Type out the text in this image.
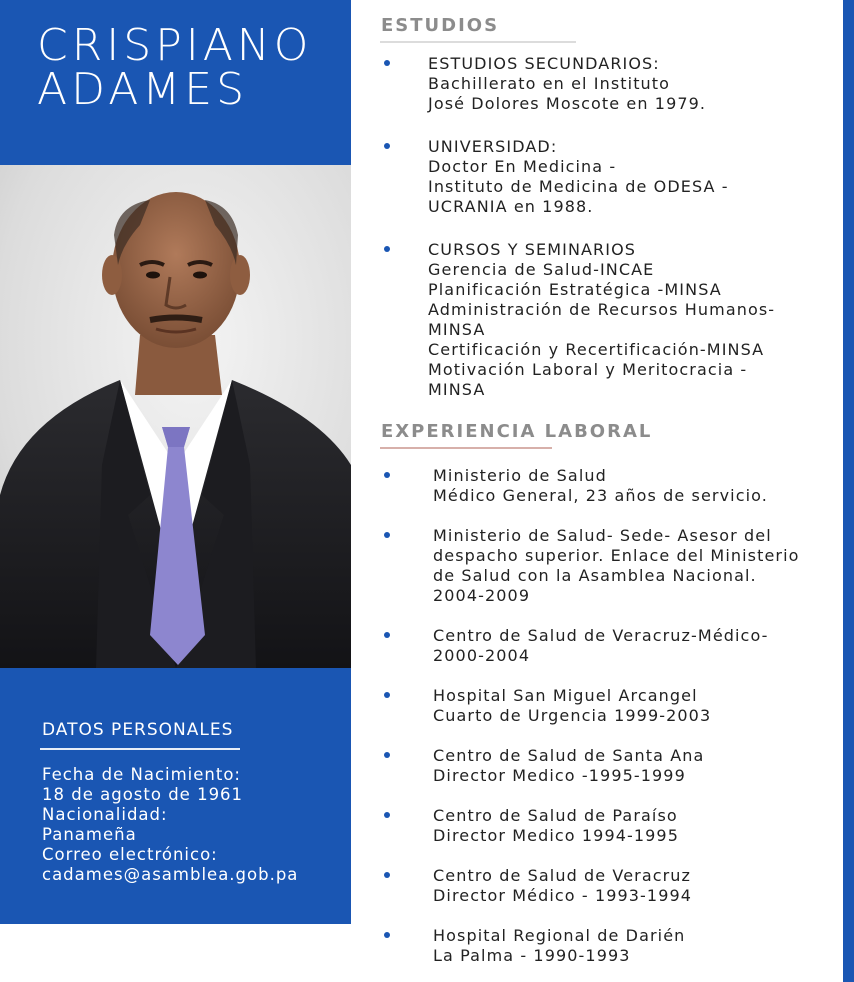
CRISPIANO
ADAMES
DATOS PERSONALES
Fecha de Nacimiento:
18 de agosto de 1961
Nacionalidad:
Panameña
Correo electrónico:
cadames@asamblea.gob.pa
ESTUDIOS
ESTUDIOS SECUNDARIOS:
Bachillerato en el Instituto
José Dolores Moscote en 1979.
UNIVERSIDAD:
Doctor En Medicina -
Instituto de Medicina de ODESA -
UCRANIA en 1988.
CURSOS Y SEMINARIOS
Gerencia de Salud-INCAE
Planificación Estratégica -MINSA
Administración de Recursos Humanos-
MINSA
Certificación y Recertificación-MINSA
Motivación Laboral y Meritocracia -
MINSA
EXPERIENCIA LABORAL
Ministerio de Salud
Médico General, 23 años de servicio.
Ministerio de Salud- Sede- Asesor del
despacho superior. Enlace del Ministerio
de Salud con la Asamblea Nacional.
2004-2009
Centro de Salud de Veracruz-Médico-
2000-2004
Hospital San Miguel Arcangel
Cuarto de Urgencia 1999-2003
Centro de Salud de Santa Ana
Director Medico -1995-1999
Centro de Salud de Paraíso
Director Medico 1994-1995
Centro de Salud de Veracruz
Director Médico - 1993-1994
Hospital Regional de Darién
La Palma - 1990-1993
